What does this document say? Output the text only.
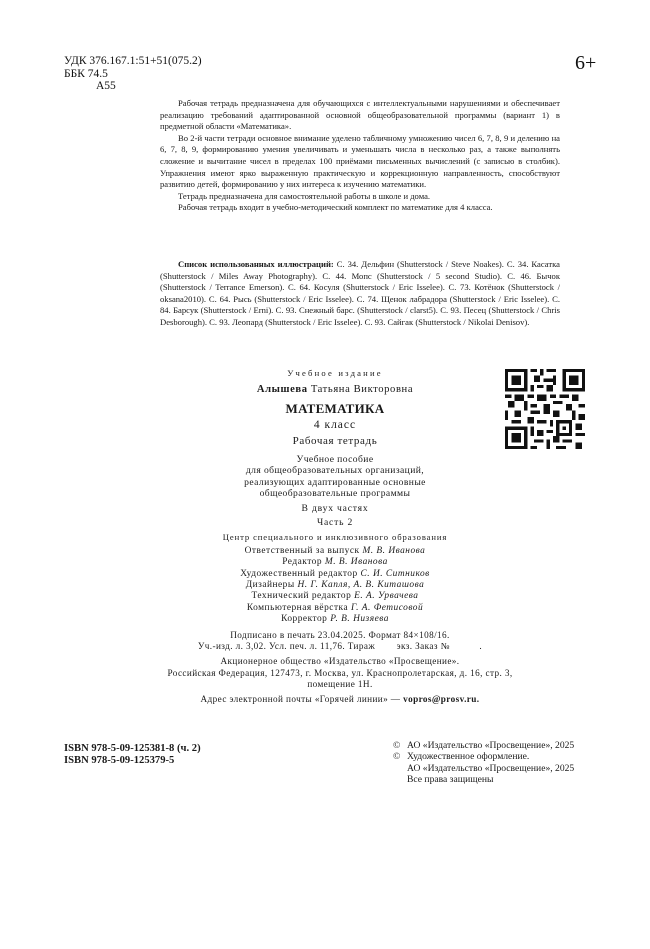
УДК 376.167.1:51+51(075.2)
ББК 74.5

А55
6+

Рабочая тетрадь предназначена для обучающихся с интеллектуальными нарушениями и обеспечивает реализацию требований адаптированной основной общеобразовательной программы (вариант 1) в предметной области «Математика».

Во 2-й части тетради основное внимание уделено табличному умножению чисел 6, 7, 8, 9 и делению на 6, 7, 8, 9, формированию умения увеличивать и уменьшать числа в несколько раз, а также выполнять сложение и вычитание чисел в пределах 100 приёмами письменных вычислений (с записью в столбик). Упражнения имеют ярко выраженную практическую и коррекционную направленность, способствуют развитию детей, формированию у них интереса к изучению математики.

Тетрадь предназначена для самостоятельной работы в школе и дома.

Рабочая тетрадь входит в учебно-методический комплект по математике для 4 класса.

Список использованных иллюстраций: С. 34. Дельфин (Shutterstock / Steve Noakes). С. 34. Касатка (Shutterstock / Miles Away Photography). С. 44. Мопс (Shutterstock / 5 second Studio). С. 46. Бычок (Shutterstock / Terrance Emerson). С. 64. Косуля (Shutterstock / Eric Isselee). С. 73. Котёнок (Shutterstock / oksana2010). С. 64. Рысь (Shutterstock / Eric Isselee). С. 74. Щенок лабрадора (Shutterstock / Eric Isselee). С. 84. Барсук (Shutterstock / Erni). С. 93. Снежный барс. (Shutterstock / clarst5). С. 93. Песец (Shutterstock / Chris Desborough). С. 93. Леопард (Shutterstock / Eric Isselee). С. 93. Сайгак (Shutterstock / Nikolai Denisov).

Учебное издание
Алышева Татьяна Викторовна
МАТЕМАТИКА
4 класс
Рабочая тетрадь
Учебное пособие
для общеобразовательных организаций,
реализующих адаптированные основные
общеобразовательные программы
В двух частях
Часть 2
Центр специального и инклюзивного образования
Ответственный за выпуск М. В. Иванова
Редактор М. В. Иванова
Художественный редактор С. И. Ситников
Дизайнеры Н. Г. Капля, А. В. Киташова
Технический редактор Е. А. Урвачева
Компьютерная вёрстка Г. А. Фетисовой
Корректор Р. В. Низяева
Подписано в печать 23.04.2025. Формат 84×108/16.
Уч.-изд. л. 3,02. Усл. печ. л. 11,76. Тираж        экз. Заказ №           .
Акционерное общество «Издательство «Просвещение».
Российская Федерация, 127473, г. Москва, ул. Краснопролетарская, д. 16, стр. 3,
помещение 1Н.
Адрес электронной почты «Горячей линии» — vopros@prosv.ru.
ISBN 978-5-09-125381-8 (ч. 2)
ISBN 978-5-09-125379-5
© АО «Издательство «Просвещение», 2025
© Художественное оформление.
АО «Издательство «Просвещение», 2025
Все права защищены
